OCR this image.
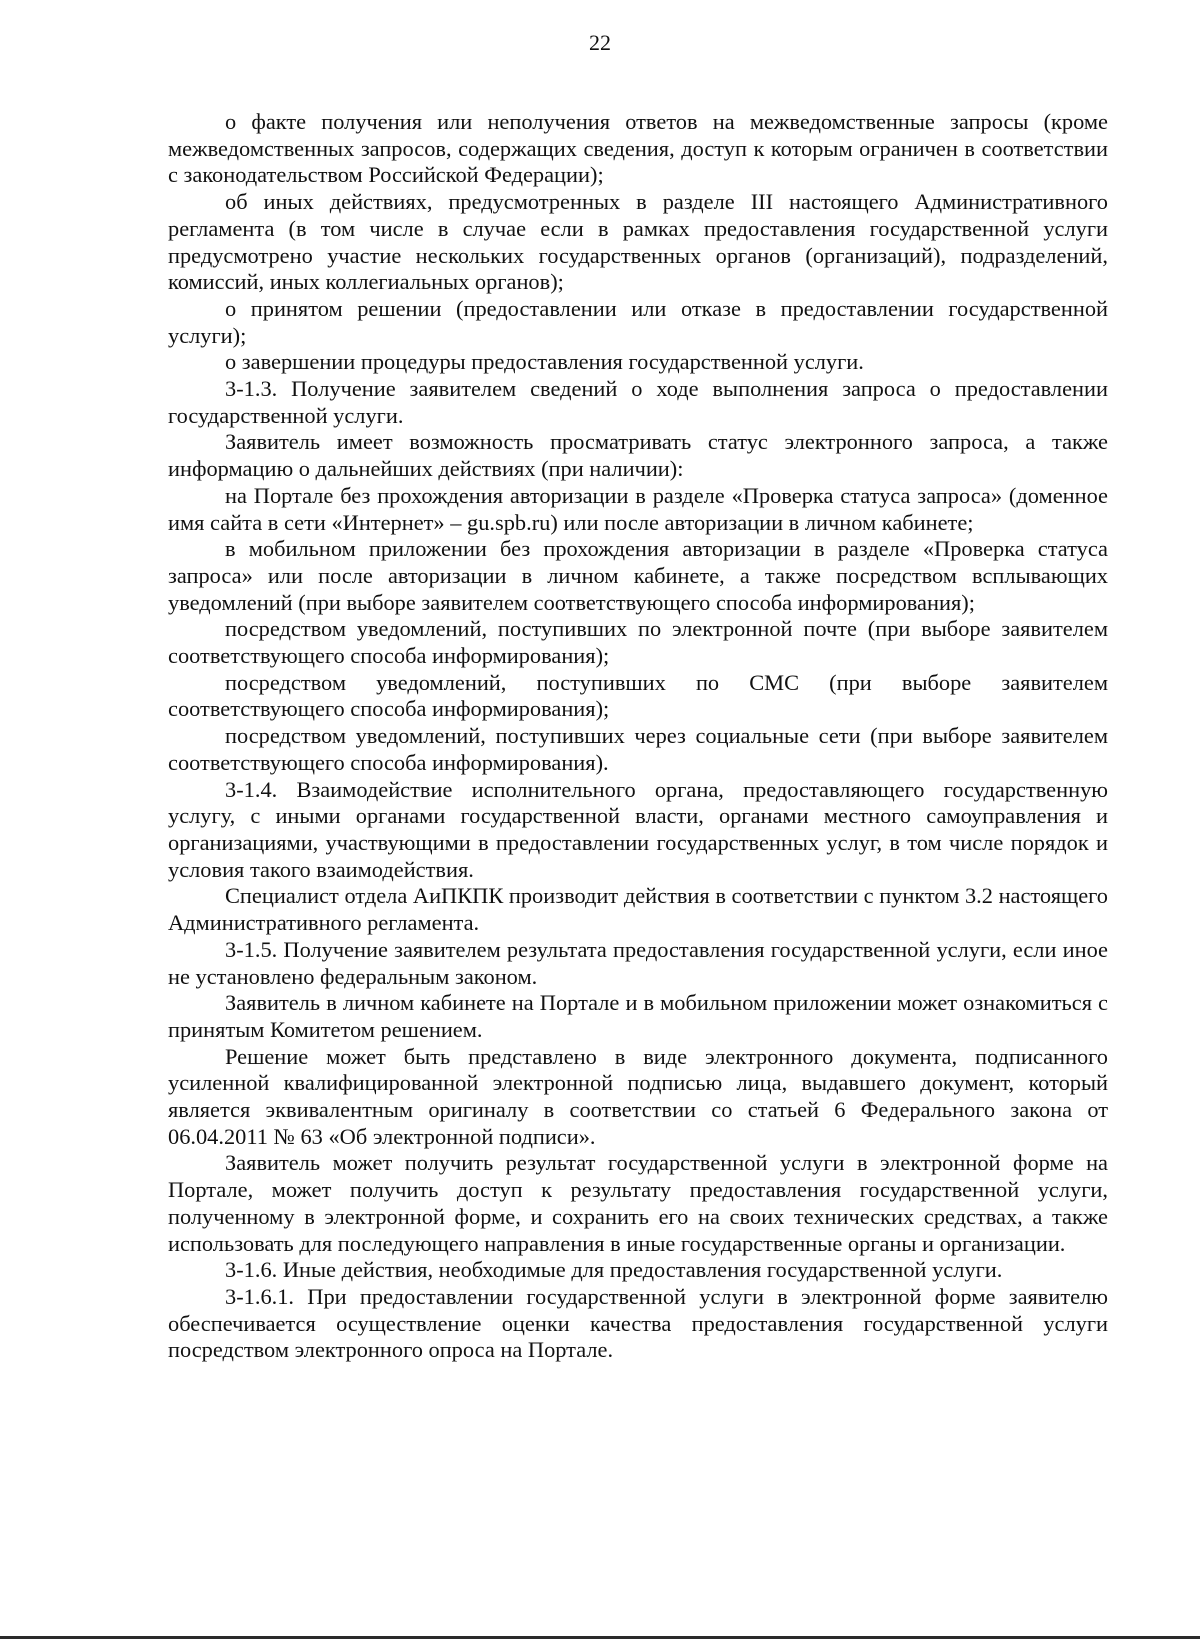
22

о факте получения или неполучения ответов на межведомственные запросы (кроме межведомственных запросов, содержащих сведения, доступ к которым ограничен в соответствии с законодательством Российской Федерации);

об иных действиях, предусмотренных в разделе III настоящего Административного регламента (в том числе в случае если в рамках предоставления государственной услуги предусмотрено участие нескольких государственных органов (организаций), подразделений, комиссий, иных коллегиальных органов);

о принятом решении (предоставлении или отказе в предоставлении государственной услуги);

о завершении процедуры предоставления государственной услуги.

3-1.3. Получение заявителем сведений о ходе выполнения запроса о предоставлении государственной услуги.

Заявитель имеет возможность просматривать статус электронного запроса, а также информацию о дальнейших действиях (при наличии):

на Портале без прохождения авторизации в разделе «Проверка статуса запроса» (доменное имя сайта в сети «Интернет» – gu.spb.ru) или после авторизации в личном кабинете;

в мобильном приложении без прохождения авторизации в разделе «Проверка статуса запроса» или после авторизации в личном кабинете, а также посредством всплывающих уведомлений (при выборе заявителем соответствующего способа информирования);

посредством уведомлений, поступивших по электронной почте (при выборе заявителем соответствующего способа информирования);

посредством уведомлений, поступивших по СМС (при выборе заявителем соответствующего способа информирования);

посредством уведомлений, поступивших через социальные сети (при выборе заявителем соответствующего способа информирования).

3-1.4. Взаимодействие исполнительного органа, предоставляющего государственную услугу, с иными органами государственной власти, органами местного самоуправления и организациями, участвующими в предоставлении государственных услуг, в том числе порядок и условия такого взаимодействия.

Специалист отдела АиПКПК производит действия в соответствии с пунктом 3.2 настоящего Административного регламента.

3-1.5. Получение заявителем результата предоставления государственной услуги, если иное не установлено федеральным законом.

Заявитель в личном кабинете на Портале и в мобильном приложении может ознакомиться с принятым Комитетом решением.

Решение может быть представлено в виде электронного документа, подписанного усиленной квалифицированной электронной подписью лица, выдавшего документ, который является эквивалентным оригиналу в соответствии со статьей 6 Федерального закона от 06.04.2011 № 63 «Об электронной подписи».

Заявитель может получить результат государственной услуги в электронной форме на Портале, может получить доступ к результату предоставления государственной услуги, полученному в электронной форме, и сохранить его на своих технических средствах, а также использовать для последующего направления в иные государственные органы и организации.

3-1.6. Иные действия, необходимые для предоставления государственной услуги.

3-1.6.1. При предоставлении государственной услуги в электронной форме заявителю обеспечивается осуществление оценки качества предоставления государственной услуги посредством электронного опроса на Портале.
